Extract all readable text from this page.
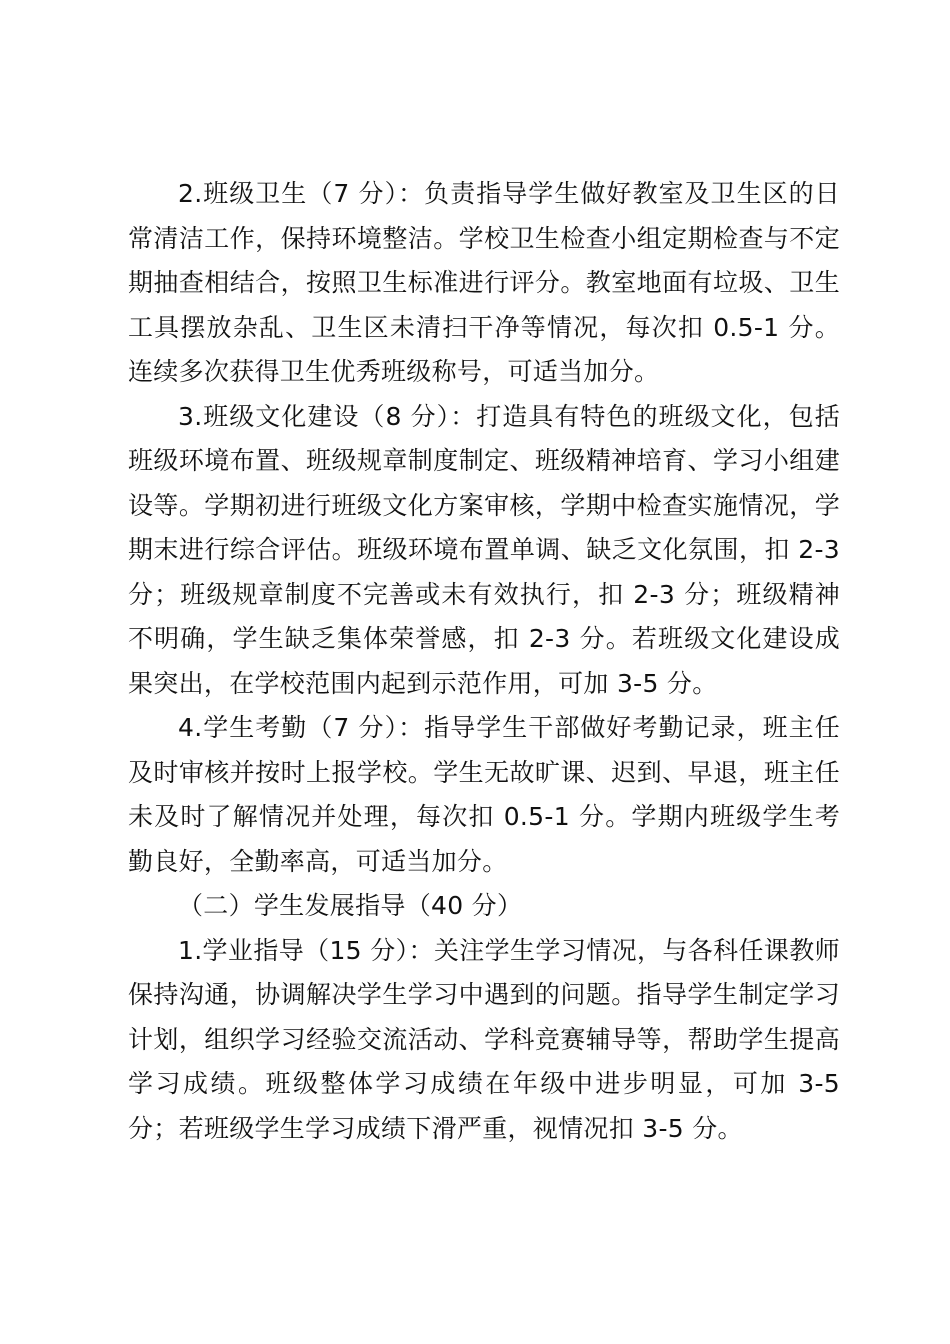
2.班级卫生（7 分）：负责指导学生做好教室及卫生区的日常清洁工作，保持环境整洁。学校卫生检查小组定期检查与不定期抽查相结合，按照卫生标准进行评分。教室地面有垃圾、卫生工具摆放杂乱、卫生区未清扫干净等情况，每次扣 0.5-1 分。连续多次获得卫生优秀班级称号，可适当加分。

3.班级文化建设（8 分）：打造具有特色的班级文化，包括班级环境布置、班级规章制度制定、班级精神培育、学习小组建设等。学期初进行班级文化方案审核，学期中检查实施情况，学期末进行综合评估。班级环境布置单调、缺乏文化氛围，扣 2-3 分；班级规章制度不完善或未有效执行，扣 2-3 分；班级精神不明确，学生缺乏集体荣誉感，扣 2-3 分。若班级文化建设成果突出，在学校范围内起到示范作用，可加 3-5 分。

4.学生考勤（7 分）：指导学生干部做好考勤记录，班主任及时审核并按时上报学校。学生无故旷课、迟到、早退，班主任未及时了解情况并处理，每次扣 0.5-1 分。学期内班级学生考勤良好，全勤率高，可适当加分。

（二）学生发展指导（40 分）

1.学业指导（15 分）：关注学生学习情况，与各科任课教师保持沟通，协调解决学生学习中遇到的问题。指导学生制定学习计划，组织学习经验交流活动、学科竞赛辅导等，帮助学生提高学习成绩。班级整体学习成绩在年级中进步明显，可加 3-5 分；若班级学生学习成绩下滑严重，视情况扣 3-5 分。
